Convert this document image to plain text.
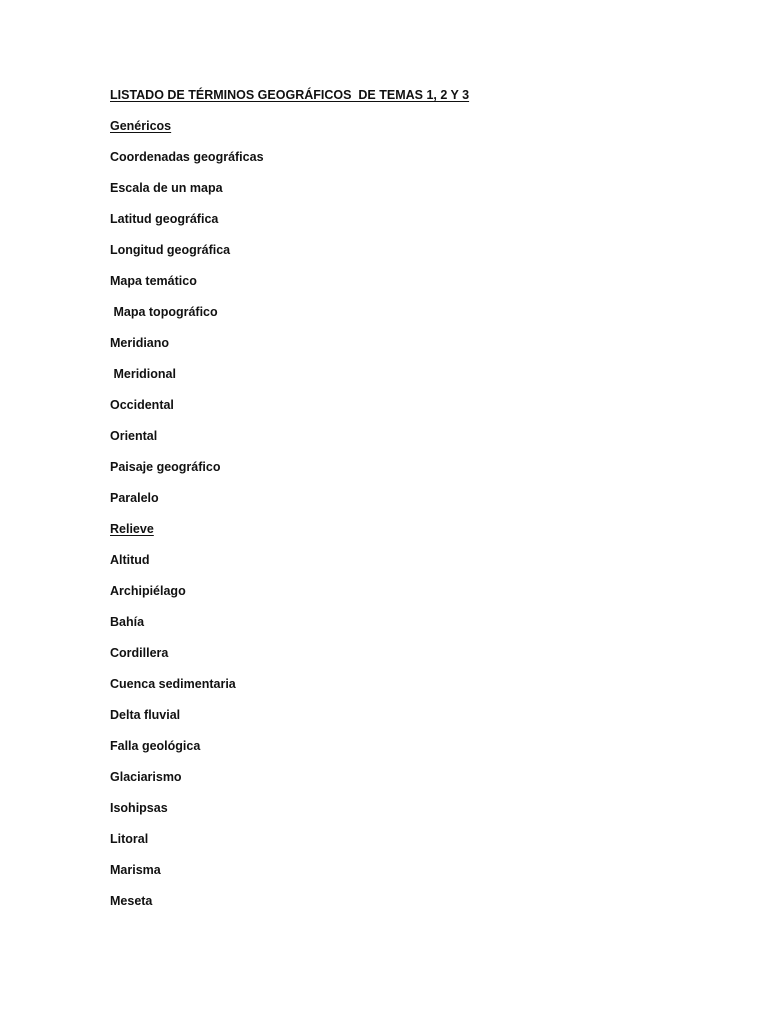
LISTADO DE TÉRMINOS GEOGRÁFICOS  DE TEMAS 1, 2 Y 3

Genéricos

Coordenadas geográficas

Escala de un mapa

Latitud geográfica

Longitud geográfica

Mapa temático

Mapa topográfico

Meridiano

Meridional

Occidental

Oriental

Paisaje geográfico

Paralelo

Relieve

Altitud

Archipiélago

Bahía

Cordillera

Cuenca sedimentaria

Delta fluvial

Falla geológica

Glaciarismo

Isohipsas

Litoral

Marisma

Meseta
